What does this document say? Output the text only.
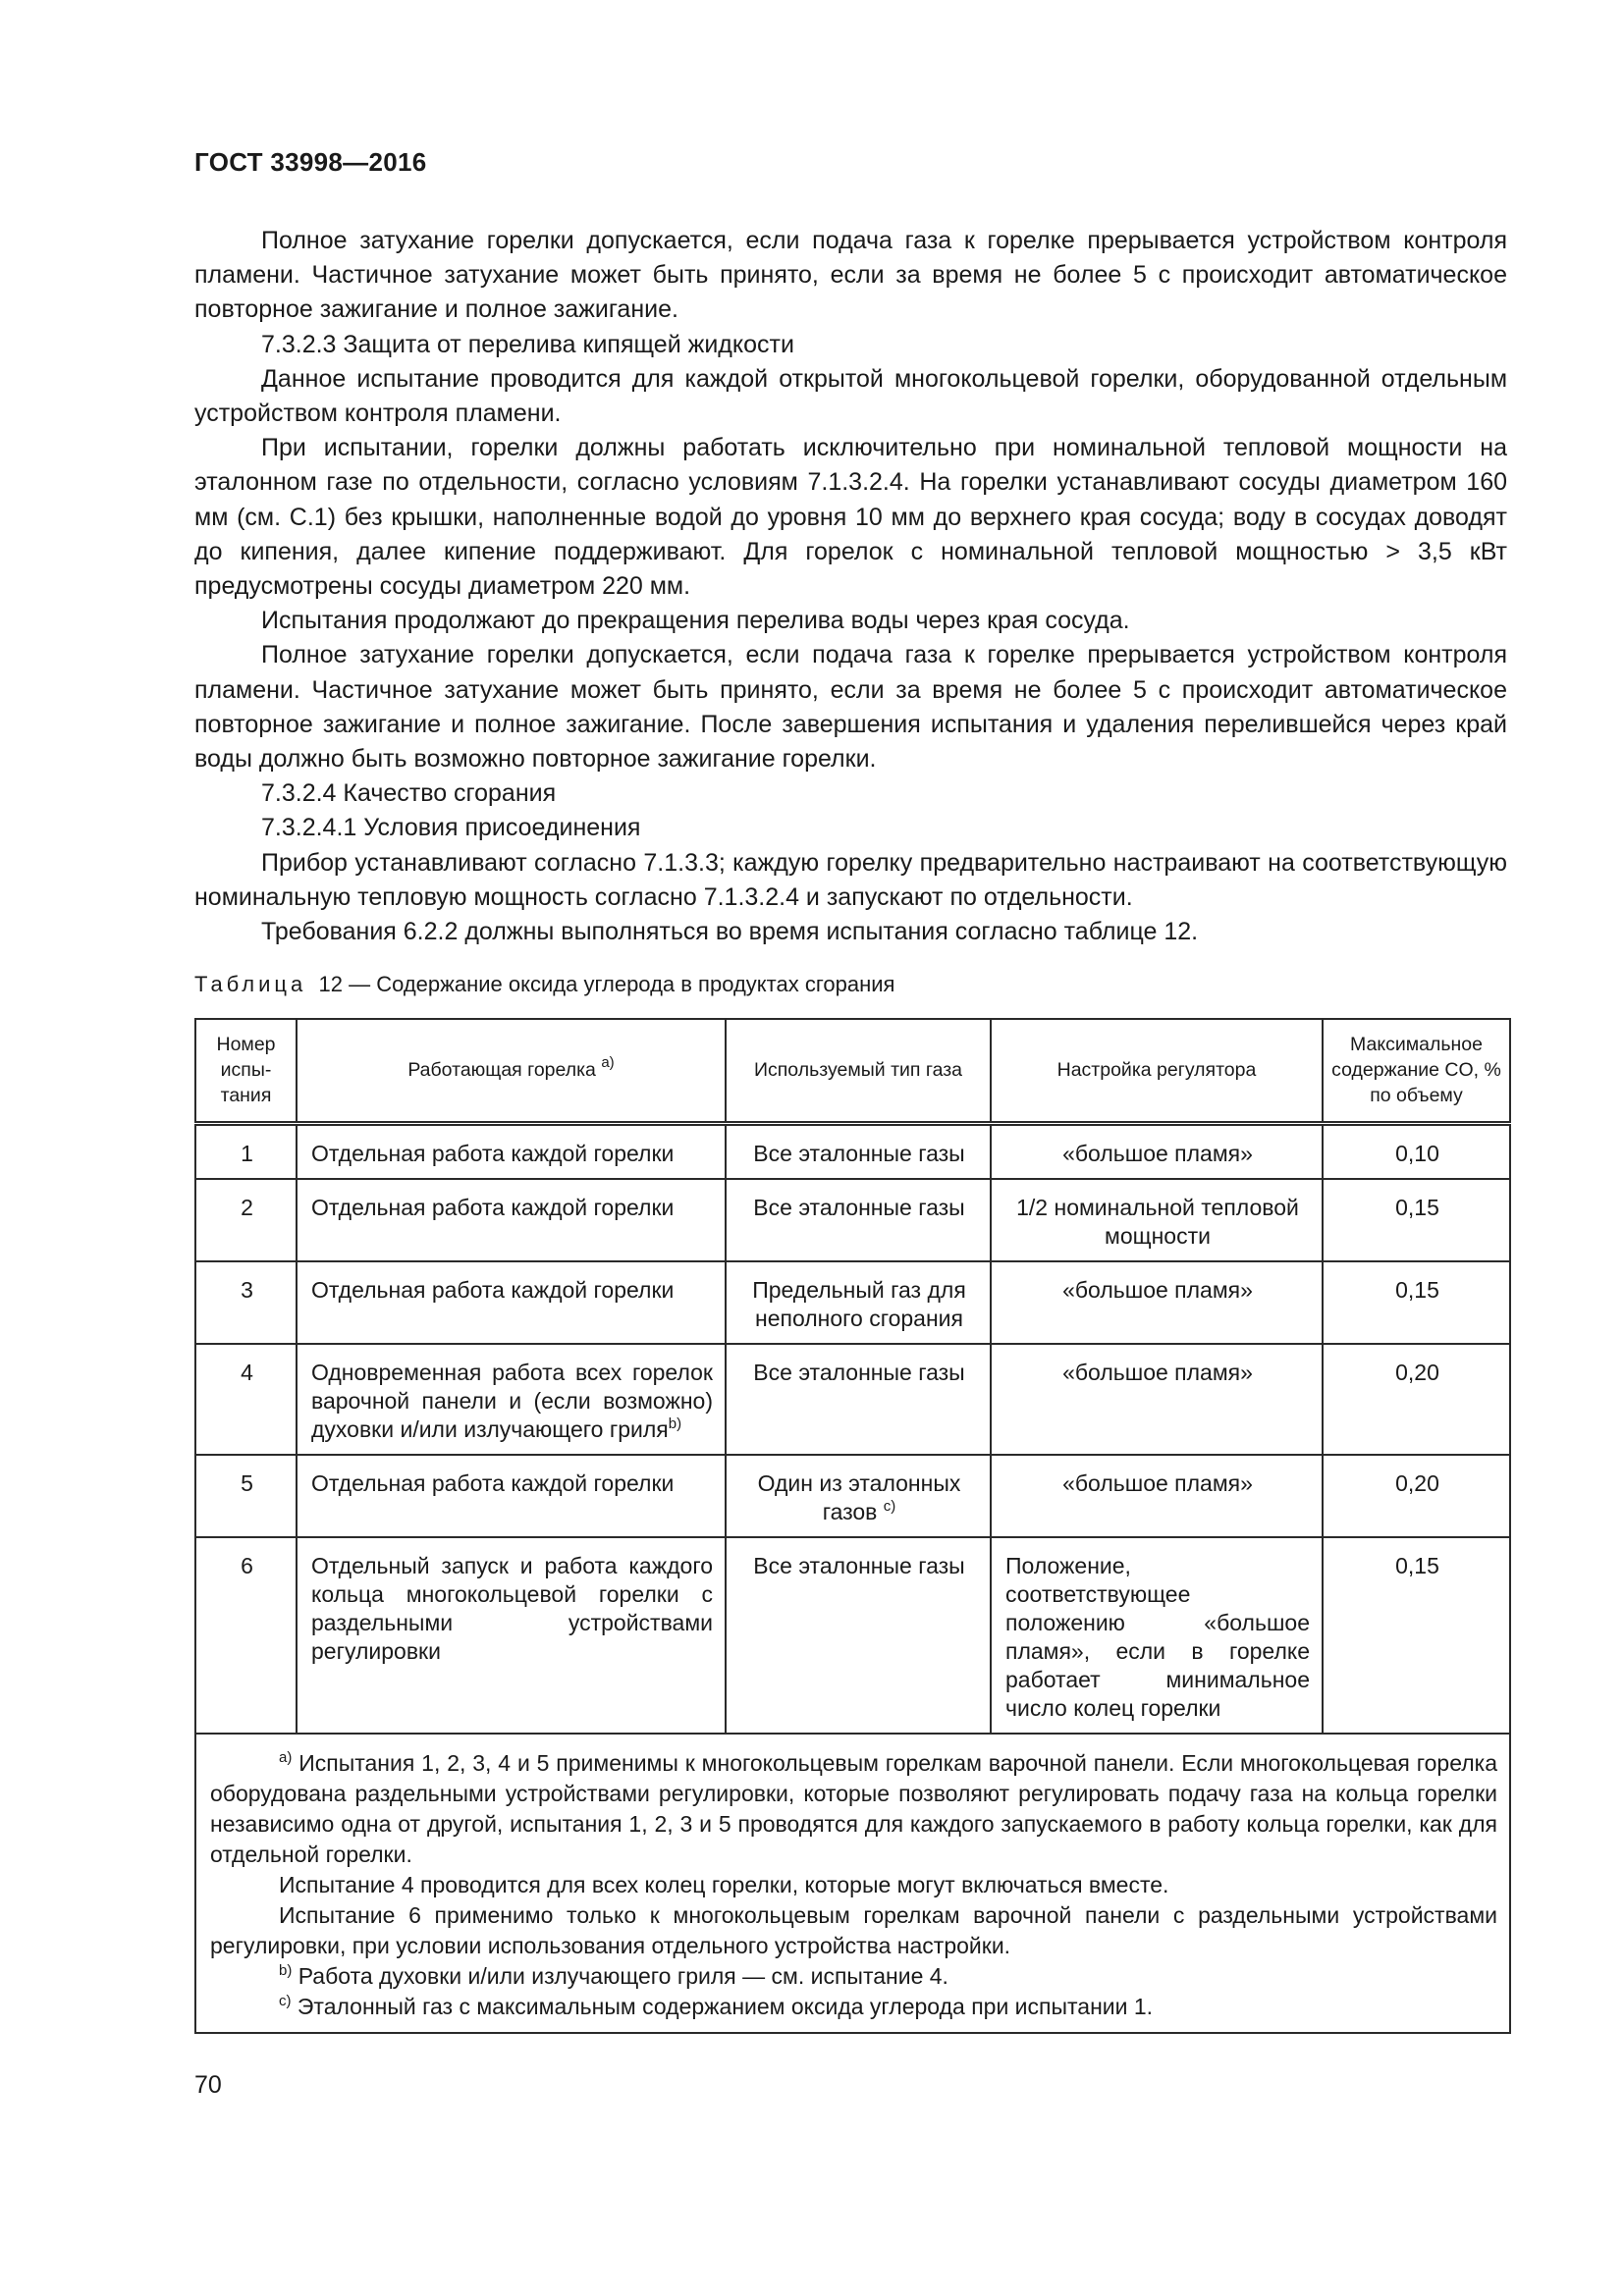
ГОСТ 33998—2016

Полное затухание горелки допускается, если подача газа к горелке прерывается устройством контроля пламени. Частичное затухание может быть принято, если за время не более 5 с происходит автоматическое повторное зажигание и полное зажигание.

7.3.2.3 Защита от перелива кипящей жидкости

Данное испытание проводится для каждой открытой многокольцевой горелки, оборудованной отдельным устройством контроля пламени.

При испытании, горелки должны работать исключительно при номинальной тепловой мощности на эталонном газе по отдельности, согласно условиям 7.1.3.2.4. На горелки устанавливают сосуды диаметром 160 мм (см. С.1) без крышки, наполненные водой до уровня 10 мм до верхнего края сосуда; воду в сосудах доводят до кипения, далее кипение поддерживают. Для горелок с номинальной тепловой мощностью > 3,5 кВт предусмотрены сосуды диаметром 220 мм.

Испытания продолжают до прекращения перелива воды через края сосуда.

Полное затухание горелки допускается, если подача газа к горелке прерывается устройством контроля пламени. Частичное затухание может быть принято, если за время не более 5 с происходит автоматическое повторное зажигание и полное зажигание. После завершения испытания и удаления перелившейся через край воды должно быть возможно повторное зажигание горелки.

7.3.2.4 Качество сгорания

7.3.2.4.1 Условия присоединения

Прибор устанавливают согласно 7.1.3.3; каждую горелку предварительно настраивают на соответствующую номинальную тепловую мощность согласно 7.1.3.2.4 и запускают по отдельности.

Требования 6.2.2 должны выполняться во время испытания согласно таблице 12.

Таблица 12 — Содержание оксида углерода в продуктах сгорания
Номер испы-тания	Работающая горелка $^{a)}$	Используемый тип газа	Настройка регулятора	Максимальное содержание CO, % по объему
1	Отдельная работа каждой горелки	Все эталонные газы	«большое пламя»	0,10
2	Отдельная работа каждой горелки	Все эталонные газы	1/2 номинальной тепловой мощности	0,15
3	Отдельная работа каждой горелки	Предельный газ для неполного сгорания	«большое пламя»	0,15
4	Одновременная работа всех горелок варочной панели и (если возможно) духовки и/или излучающего гриля$^{b)}$	Все эталонные газы	«большое пламя»	0,20
5	Отдельная работа каждой горелки	Один из эталонных газов $^{c)}$	«большое пламя»	0,20
6	Отдельный запуск и работа каждого кольца многокольцевой горелки с раздельными устройствами регулировки	Все эталонные газы	Положение, соответствующее положению «большое пламя», если в горелке работает минимальное число колец горелки	0,15

$^{a)}$ Испытания 1, 2, 3, 4 и 5 применимы к многокольцевым горелкам варочной панели. Если многокольцевая горелка оборудована раздельными устройствами регулировки, которые позволяют регулировать подачу газа на кольца горелки независимо одна от другой, испытания 1, 2, 3 и 5 проводятся для каждого запускаемого в работу кольца горелки, как для отдельной горелки.

Испытание 4 проводится для всех колец горелки, которые могут включаться вместе.

Испытание 6 применимо только к многокольцевым горелкам варочной панели с раздельными устройствами регулировки, при условии использования отдельного устройства настройки.

$^{b)}$ Работа духовки и/или излучающего гриля — см. испытание 4.

$^{c)}$ Эталонный газ с максимальным содержанием оксида углерода при испытании 1.				

70
